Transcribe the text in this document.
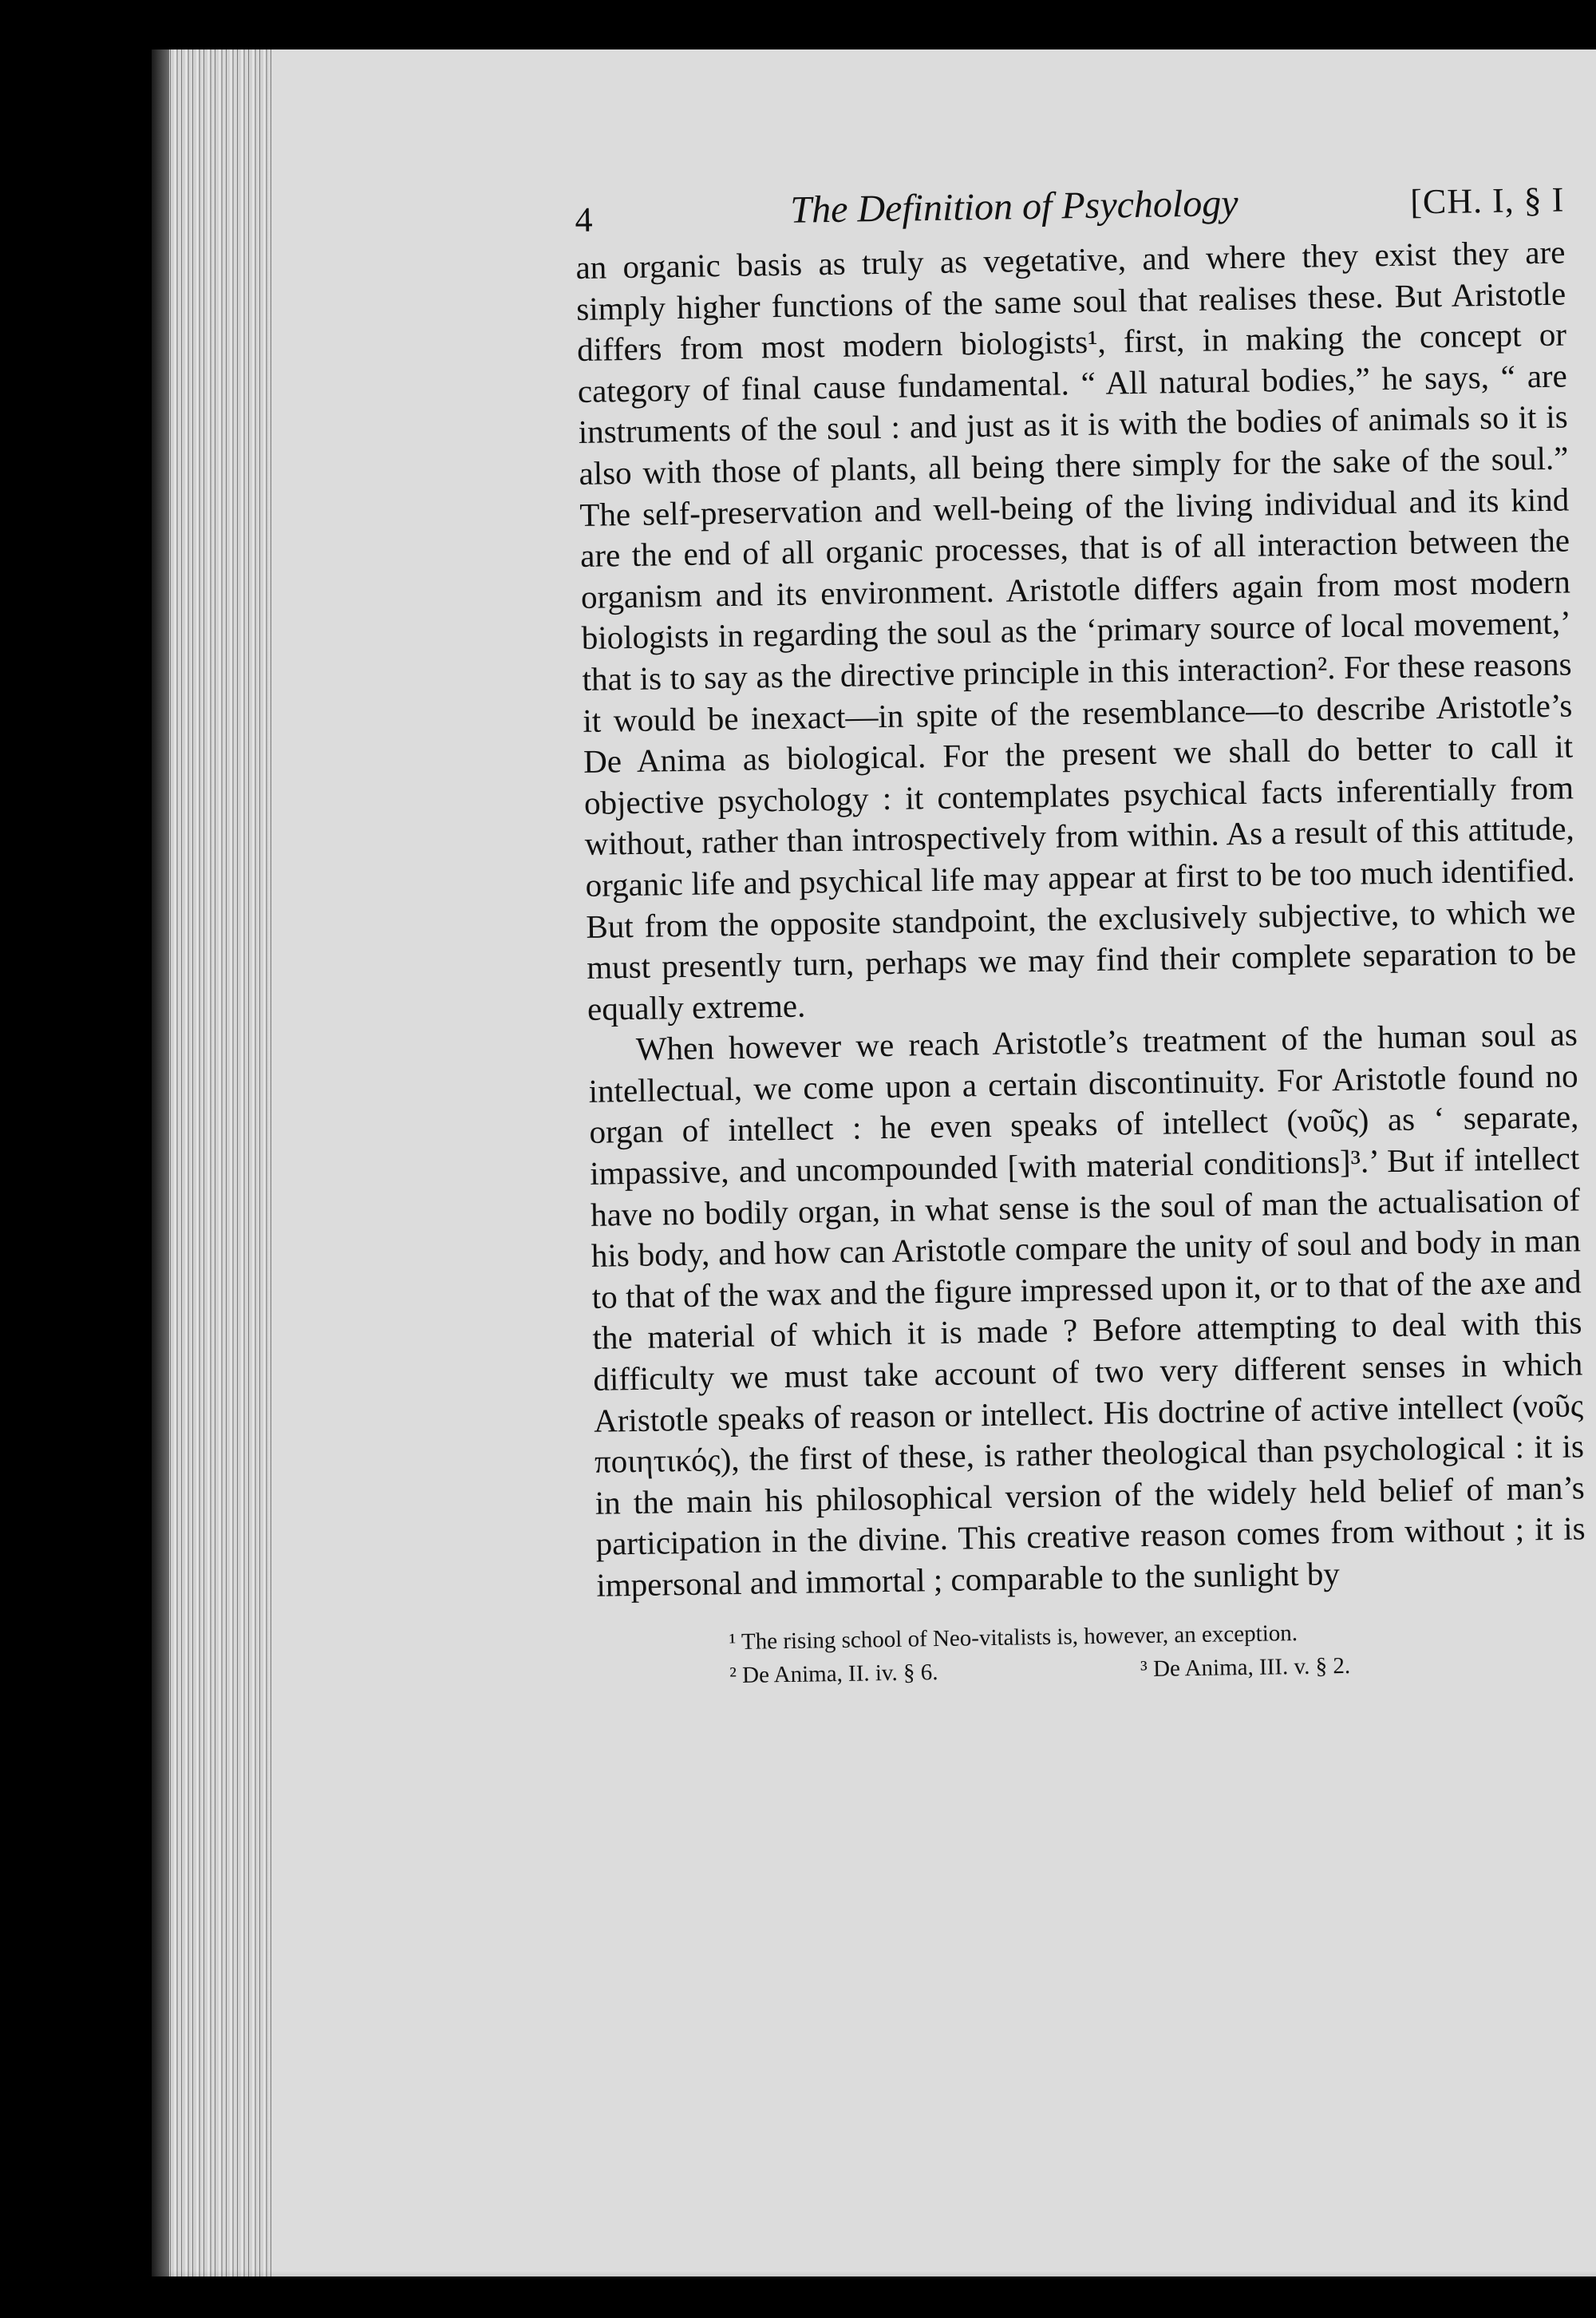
4	The Definition of Psychology	[CH. I, § I

an organic basis as truly as vegetative, and where they exist they are simply higher functions of the same soul that realises these. But Aristotle differs from most modern biologists¹, first, in making the concept or category of final cause fundamental. “ All natural bodies,” he says, “ are instruments of the soul : and just as it is with the bodies of animals so it is also with those of plants, all being there simply for the sake of the soul.” The self-preservation and well-being of the living individual and its kind are the end of all organic processes, that is of all interaction between the organism and its environment. Aristotle differs again from most modern biologists in regarding the soul as the ‘primary source of local movement,’ that is to say as the directive principle in this interaction². For these reasons it would be inexact—in spite of the resemblance—to describe Aristotle’s De Anima as biological. For the present we shall do better to call it objective psychology : it contemplates psychical facts inferentially from without, rather than introspectively from within. As a result of this attitude, organic life and psychical life may appear at first to be too much identified. But from the opposite standpoint, the exclusively subjective, to which we must presently turn, perhaps we may find their complete separation to be equally extreme.

When however we reach Aristotle’s treatment of the human soul as intellectual, we come upon a certain discontinuity. For Aristotle found no organ of intellect : he even speaks of intellect (νοῦς) as ‘ separate, impassive, and uncompounded [with material conditions]³.’ But if intellect have no bodily organ, in what sense is the soul of man the actualisation of his body, and how can Aristotle compare the unity of soul and body in man to that of the wax and the figure impressed upon it, or to that of the axe and the material of which it is made ? Before attempting to deal with this difficulty we must take account of two very different senses in which Aristotle speaks of reason or intellect. His doctrine of active intellect (νοῦς ποιητικός), the first of these, is rather theological than psychological : it is in the main his philosophical version of the widely held belief of man’s participation in the divine. This creative reason comes from without ; it is impersonal and immortal ; comparable to the sunlight by

¹ The rising school of Neo-vitalists is, however, an exception.
² De Anima, II. iv. § 6.	³ De Anima, III. v. § 2.
